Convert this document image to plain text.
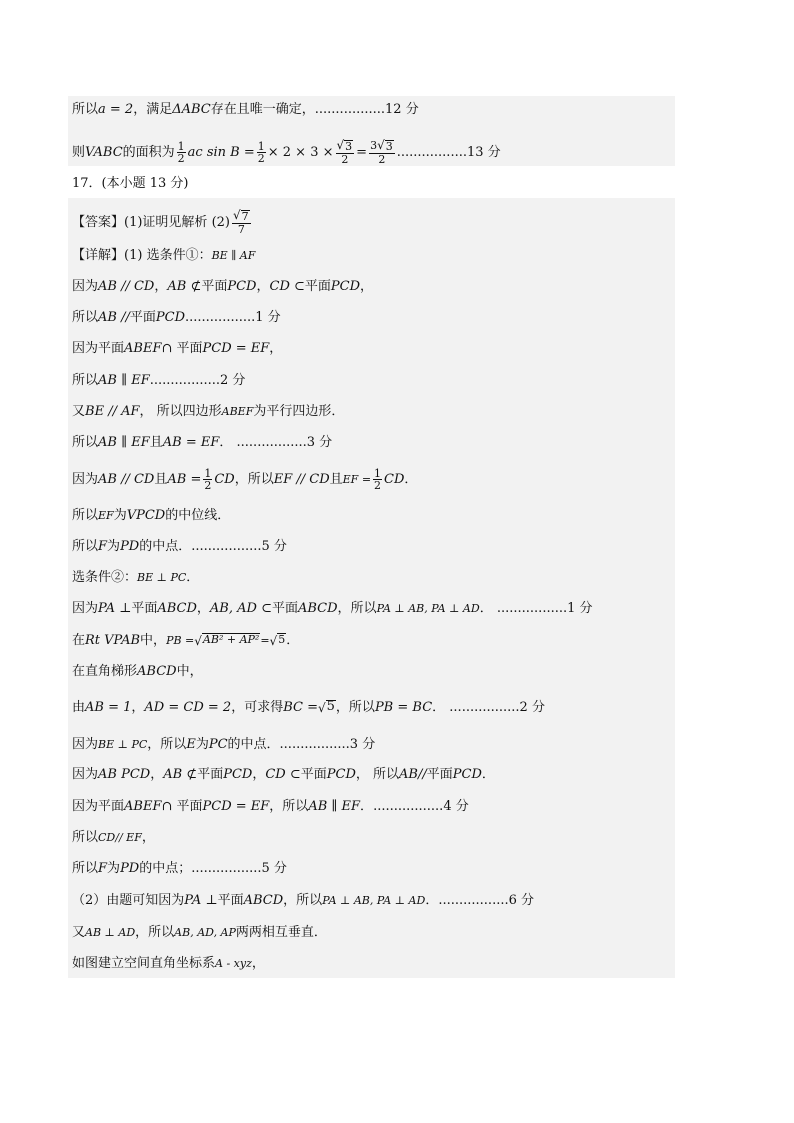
所以 a = 2 ，满足 ΔABC 存在且唯一确定， ................. 12 分
则 VABC 的面积为 $\frac{1}{2}$ ac $\sin B = \frac{1}{2} \times 2 \times 3 \times \frac{√ 3}{2} = \frac{3 √ 3}{2}$ ................. 13 分
17．(本小题 13 分)
【答案】 (1)证明见解析
$(2) \frac{√ 7}{7}$
【详解】 (1) 选条件①： BE ∥ AF
因为 AB // CD ， AB ⊄ 平面 PCD ， CD ⊂ 平面 PCD ，
所以 AB // 平面 PCD ................. 1 分
因为平面 ABEF ∩ 平面 PCD = EF ，
所以 AB ∥ EF ................. 2 分
又 BE // AF ， 所以四边形 ABEF 为平行四边形．
所以 AB ∥ EF 且 AB = EF ．
................. 3 分
因为 AB // CD 且 AB = $\frac{1}{2}$ CD ，所以 EF // CD 且 EF = $\frac{1}{2}$ CD ．
所以 EF 为 VPCD 的中位线．
所以 F 为 PD 的中点． ................. 5 分
选条件②： BE ⊥ PC ．
因为 PA ⊥ 平面 ABCD ， AB, AD ⊂ 平面 ABCD ，所以 PA ⊥ AB, PA ⊥ AD ．
................. 1 分
在 Rt VPAB 中， PB = √ AB² + AP² = √ 5 ．
在直角梯形 ABCD 中，
由 AB = 1 ， AD = CD = 2 ，可求得 BC = √ 5 ，所以 PB = BC ．
................. 2 分
因为 BE ⊥ PC ，所以 E 为 PC 的中点． ................. 3 分
因为 AB PCD ， AB ⊄ 平面 PCD ， CD ⊂ 平面 PCD ， 所以 AB// 平面 PCD ．
因为平面 ABEF ∩ 平面 PCD = EF ，所以 AB ∥ EF ． ................. 4 分
所以 CD// EF ，
所以 F 为 PD 的中点； ................. 5 分
（2）由题可知因为 PA ⊥ 平面 ABCD ，所以 PA ⊥ AB, PA ⊥ AD ． ................. 6 分
又 AB ⊥ AD ，所以 AB, AD, AP 两两相互垂直．
如图建立空间直角坐标系 A - xyz ，
